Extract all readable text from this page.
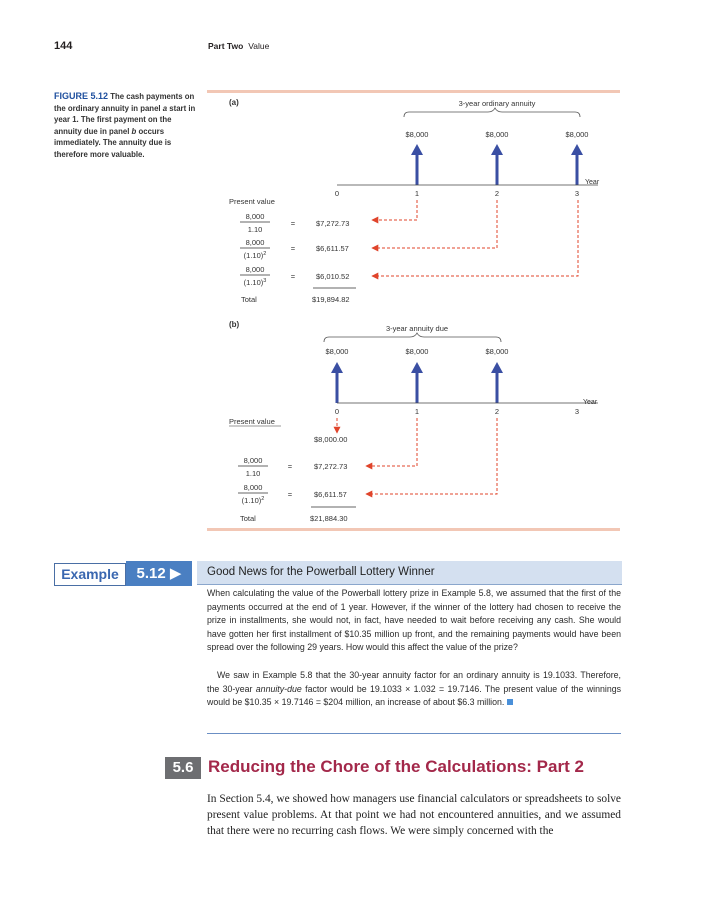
144	Part Two Value
FIGURE 5.12 The cash payments on the ordinary annuity in panel a start in year 1. The first payment on the annuity due in panel b occurs immediately. The annuity due is therefore more valuable.
(a)	3-year ordinary annuity
$8,000	$8,000	$8,000
Year
0	1	2	3
Present value
8,000
1.10
=	$7,272.73
8,000
$(1.10)^2$
=	$6,611.57
8,000
$(1.10)^3$	=	$6,010.52
Total	$19,894.82
(b)	3-year annuity due
$8,000	$8,000	$8,000
Year
0	1	2	3
Present value
$8,000.00
8,000
1.10
=	$7,272.73
8,000
$(1.10)^2$	=	$6,611.57
Total	$21,884.30
Example	5.12 ▶	Good News for the Powerball Lottery Winner
When calculating the value of the Powerball lottery prize in Example 5.8, we assumed that the first of the payments occurred at the end of 1 year. However, if the winner of the lottery had chosen to receive the prize in installments, she would not, in fact, have needed to wait before receiving any cash. She would have gotten her first installment of $10.35 million up front, and the remaining payments would have been spread over the following 29 years. How would this affect the value of the prize?
We saw in Example 5.8 that the 30-year annuity factor for an ordinary annuity is 19.1033. Therefore, the 30-year annuity-due factor would be 19.1033 × 1.032 = 19.7146. The present value of the winnings would be $10.35 × 19.7146 = $204 million, an increase of about $6.3 million.
5.6 Reducing the Chore of the Calculations: Part 2
In Section 5.4, we showed how managers use financial calculators or spreadsheets to solve present value problems. At that point we had not encountered annuities, and we assumed that there were no recurring cash flows. We were simply concerned with the
